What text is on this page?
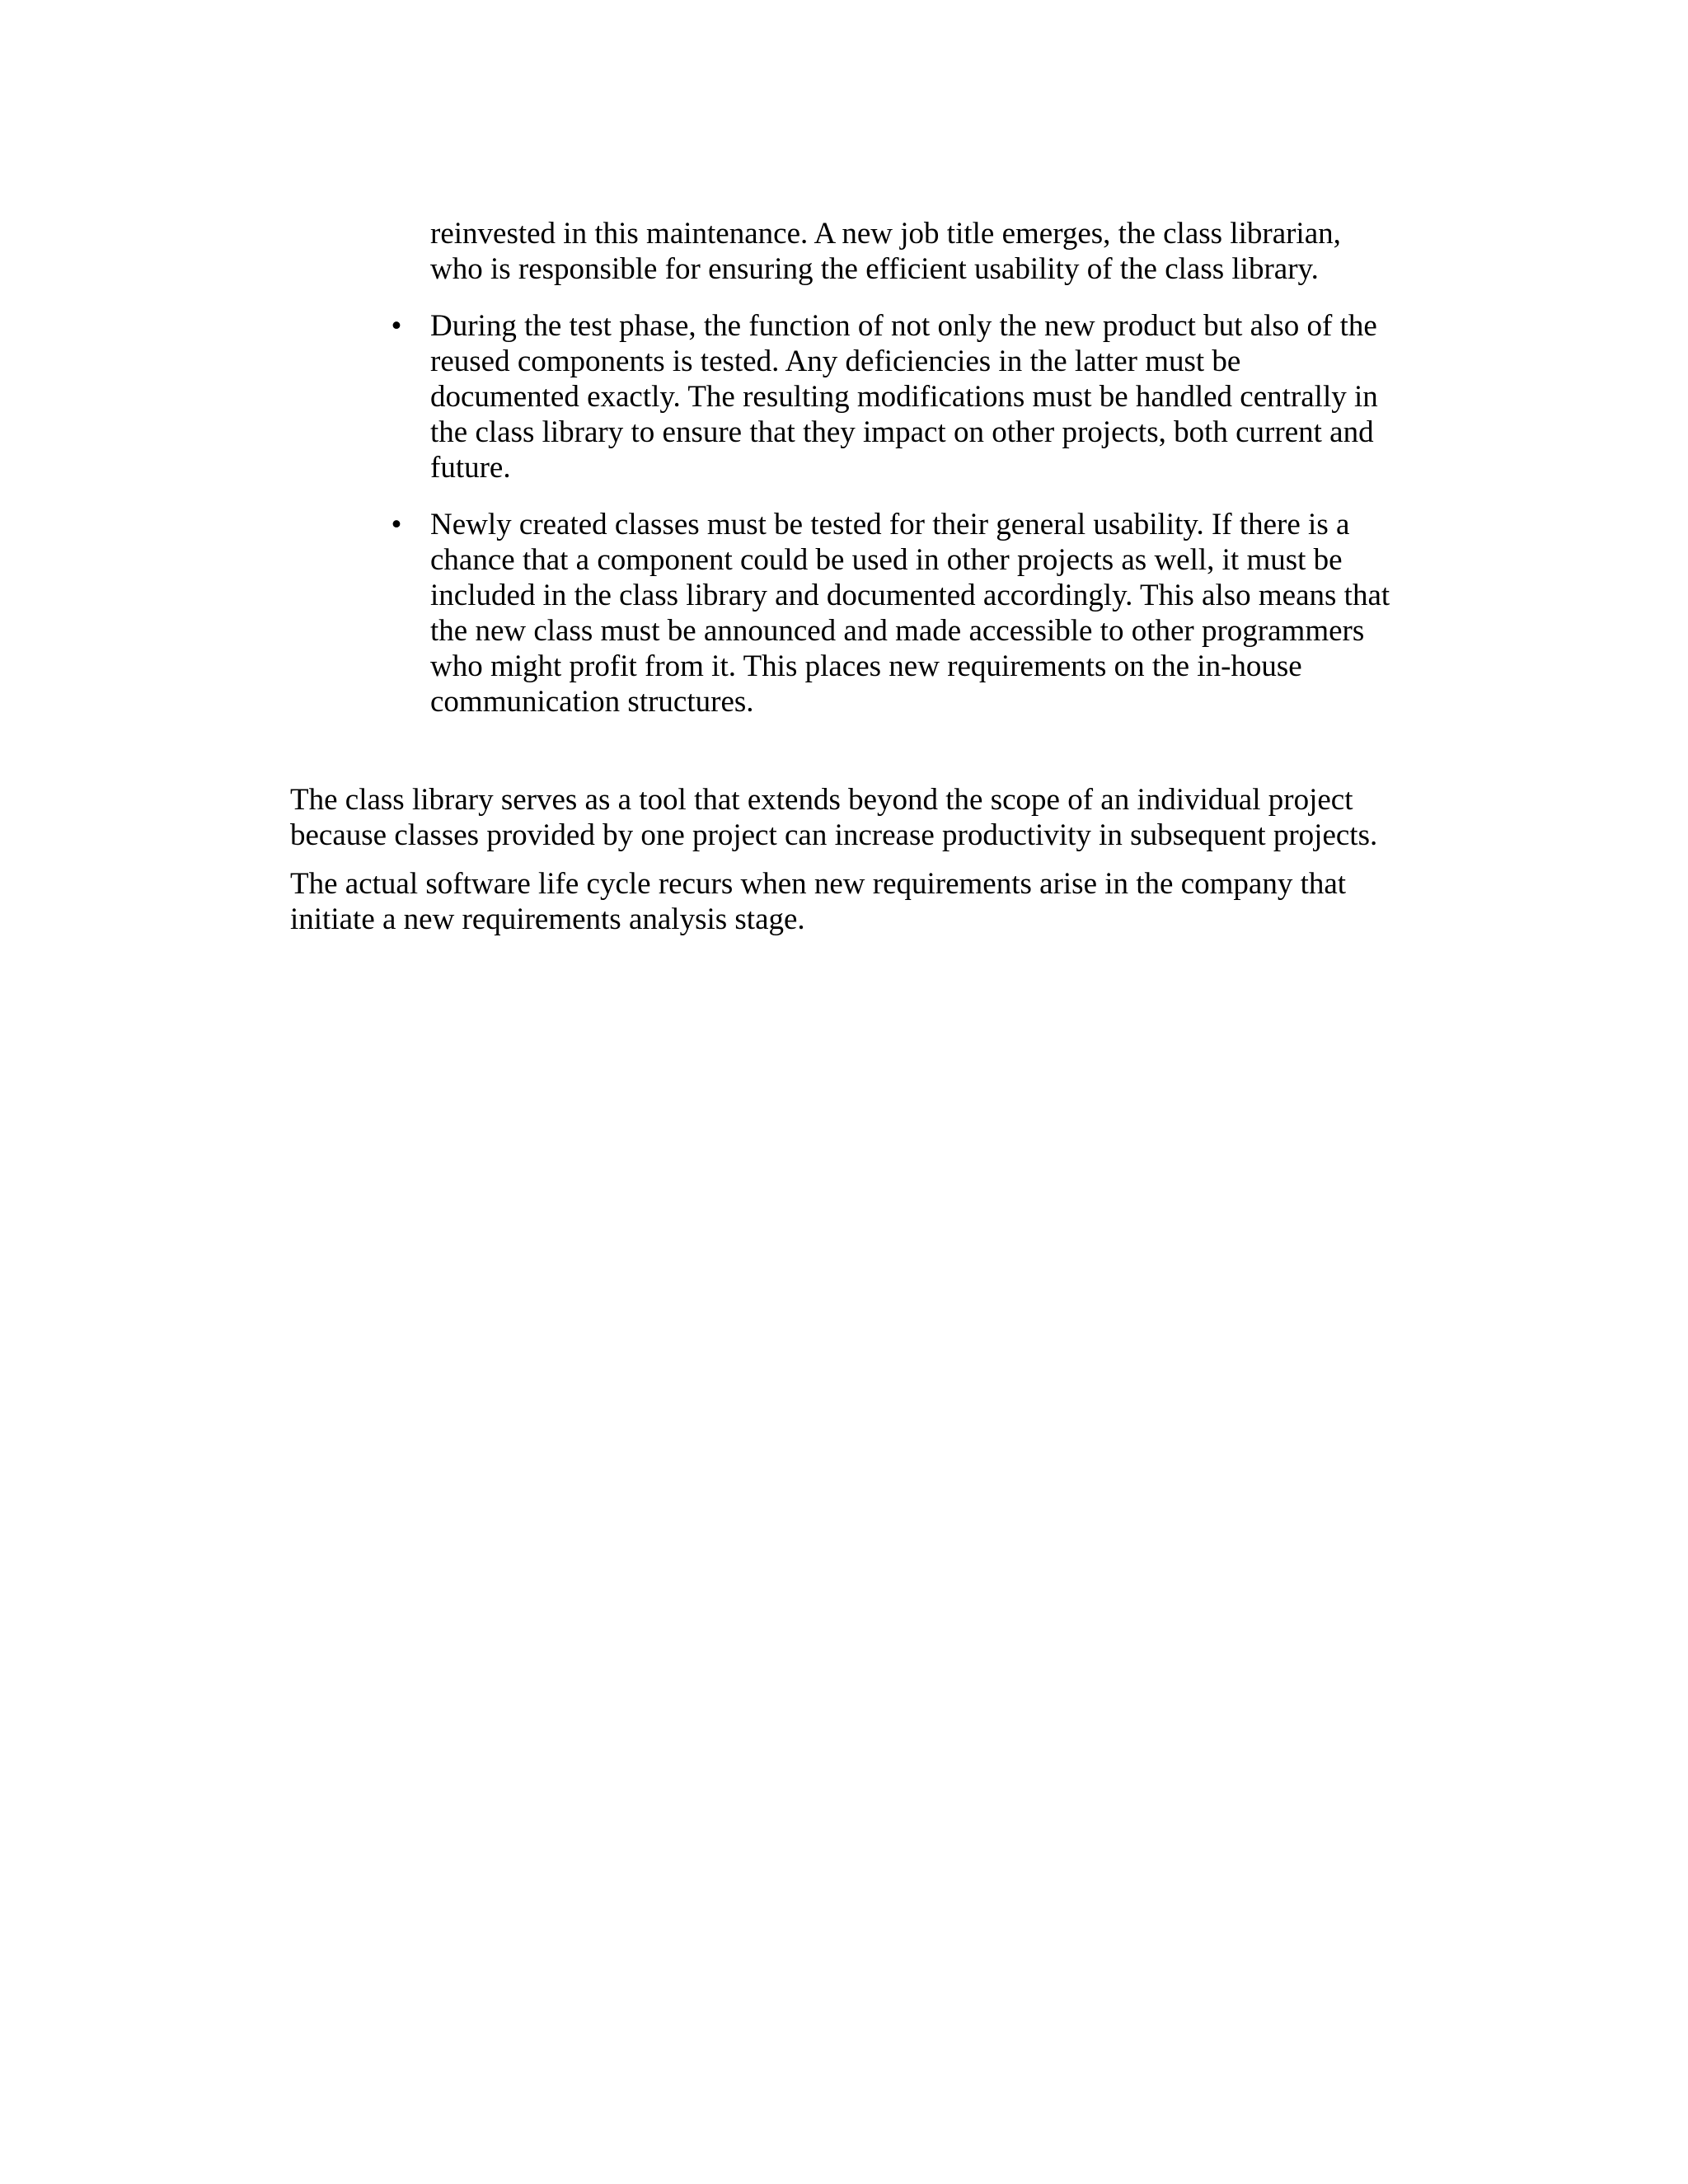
reinvested in this maintenance. A new job title emerges, the class librarian, who is responsible for ensuring the efficient usability of the class library.

• During the test phase, the function of not only the new product but also of the reused components is tested. Any deficiencies in the latter must be documented exactly. The resulting modifications must be handled centrally in the class library to ensure that they impact on other projects, both current and future.
• Newly created classes must be tested for their general usability. If there is a chance that a component could be used in other projects as well, it must be included in the class library and documented accordingly. This also means that the new class must be announced and made accessible to other programmers who might profit from it. This places new requirements on the in-house communication structures.

The class library serves as a tool that extends beyond the scope of an individual project because classes provided by one project can increase productivity in subsequent projects.

The actual software life cycle recurs when new requirements arise in the company that initiate a new requirements analysis stage.
